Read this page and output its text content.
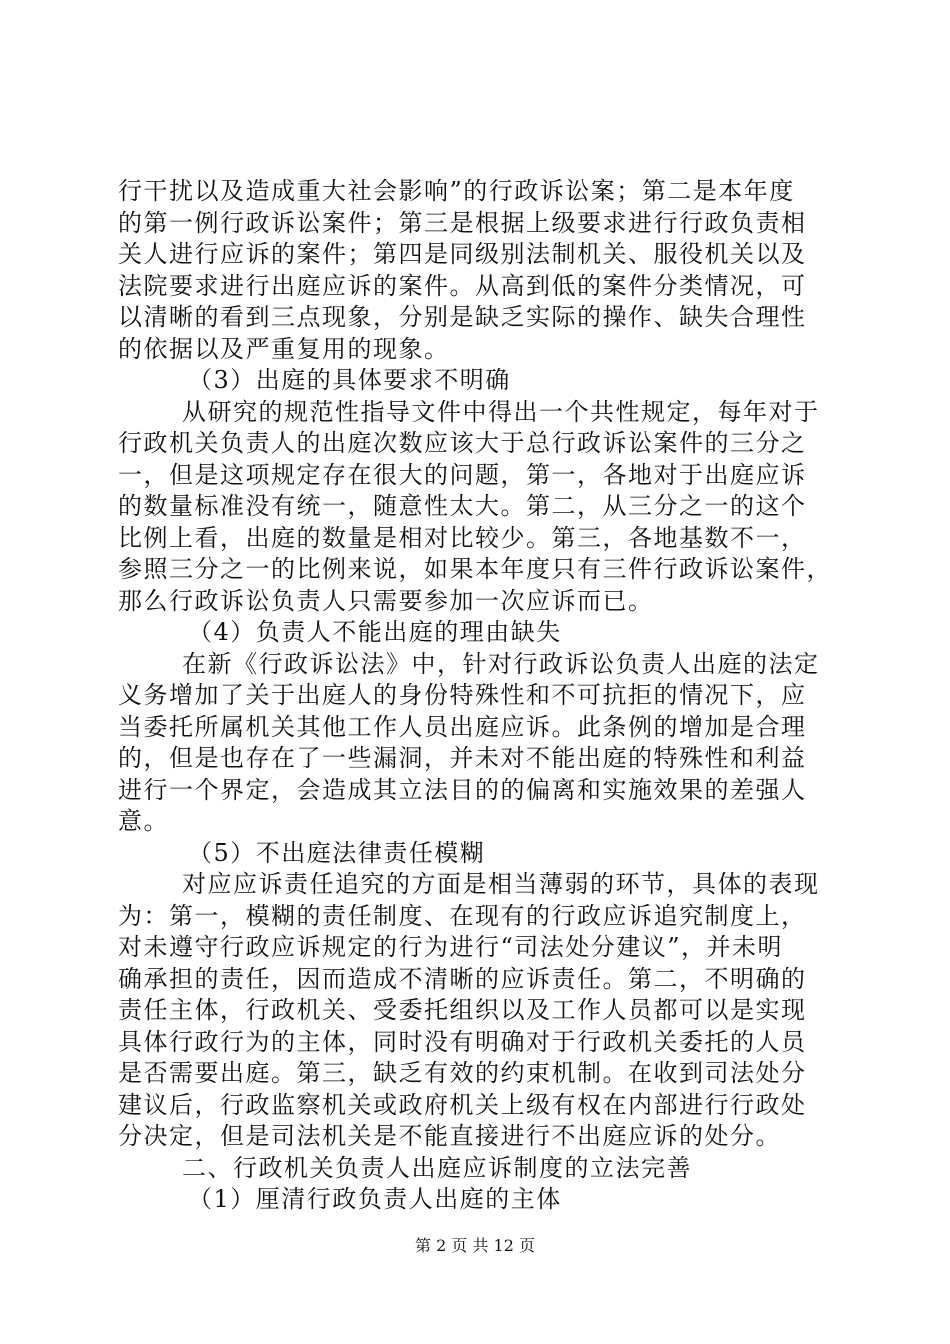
行干扰以及造成重大社会影响”的行政诉讼案；第二是本年度
的第一例行政诉讼案件；第三是根据上级要求进行行政负责相
关人进行应诉的案件；第四是同级别法制机关、服役机关以及
法院要求进行出庭应诉的案件。从高到低的案件分类情况，可
以清晰的看到三点现象，分别是缺乏实际的操作、缺失合理性
的依据以及严重复用的现象。
（3）出庭的具体要求不明确
从研究的规范性指导文件中得出一个共性规定，每年对于
行政机关负责人的出庭次数应该大于总行政诉讼案件的三分之
一，但是这项规定存在很大的问题，第一，各地对于出庭应诉
的数量标准没有统一，随意性太大。第二，从三分之一的这个
比例上看，出庭的数量是相对比较少。第三，各地基数不一，
参照三分之一的比例来说，如果本年度只有三件行政诉讼案件，
那么行政诉讼负责人只需要参加一次应诉而已。
（4）负责人不能出庭的理由缺失
在新《行政诉讼法》中，针对行政诉讼负责人出庭的法定
义务增加了关于出庭人的身份特殊性和不可抗拒的情况下，应
当委托所属机关其他工作人员出庭应诉。此条例的增加是合理
的，但是也存在了一些漏洞，并未对不能出庭的特殊性和利益
进行一个界定，会造成其立法目的的偏离和实施效果的差强人
意。
（5）不出庭法律责任模糊
对应应诉责任追究的方面是相当薄弱的环节，具体的表现
为：第一，模糊的责任制度、在现有的行政应诉追究制度上，
对未遵守行政应诉规定的行为进行“司法处分建议”，并未明
确承担的责任，因而造成不清晰的应诉责任。第二，不明确的
责任主体，行政机关、受委托组织以及工作人员都可以是实现
具体行政行为的主体，同时没有明确对于行政机关委托的人员
是否需要出庭。第三，缺乏有效的约束机制。在收到司法处分
建议后，行政监察机关或政府机关上级有权在内部进行行政处
分决定，但是司法机关是不能直接进行不出庭应诉的处分。
二、行政机关负责人出庭应诉制度的立法完善
（1）厘清行政负责人出庭的主体
第 2 页 共 12 页
